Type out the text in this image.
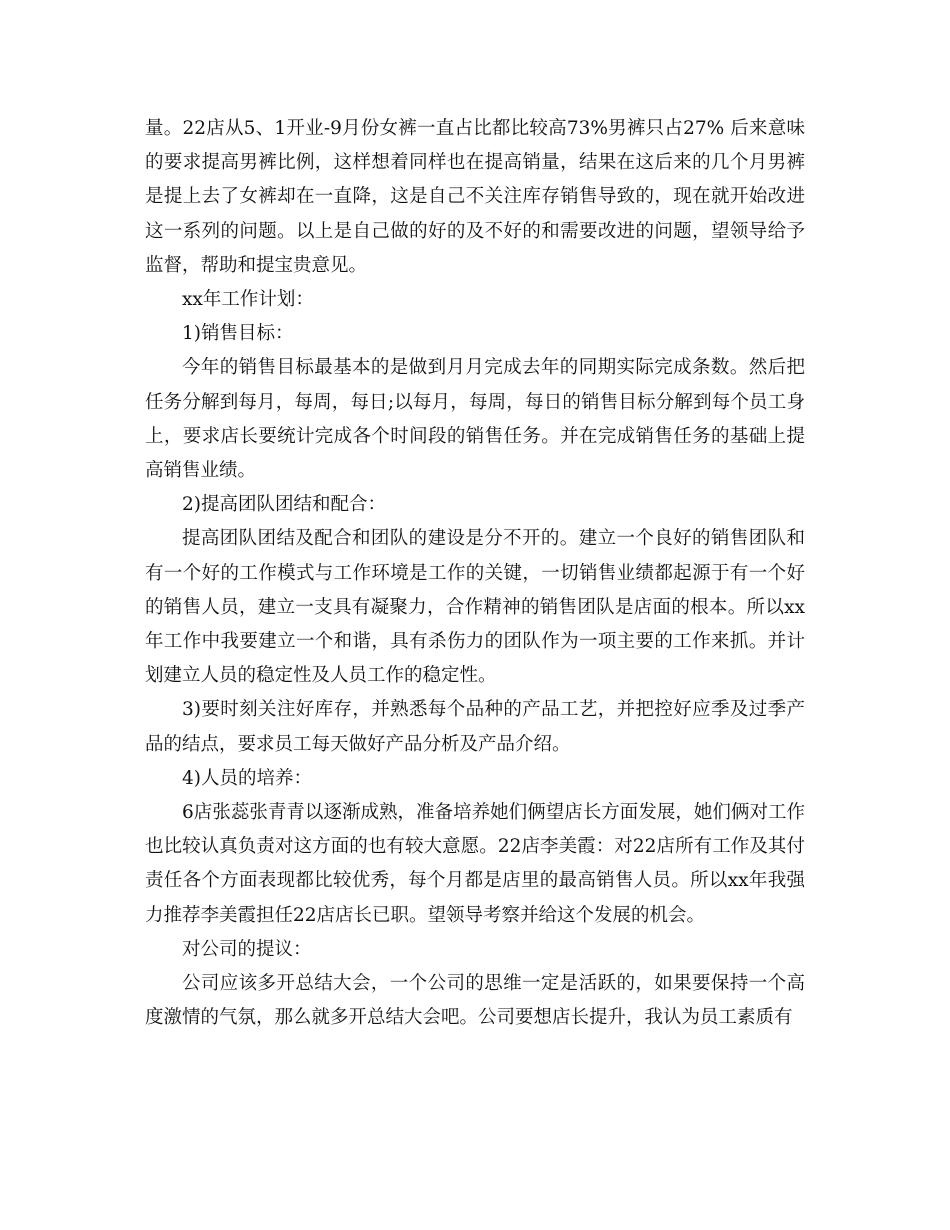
量。22店从5、1开业-9月份女裤一直占比都比较高73%男裤只占27% 后来意味的要求提高男裤比例，这样想着同样也在提高销量，结果在这后来的几个月男裤是提上去了女裤却在一直降，这是自己不关注库存销售导致的，现在就开始改进这一系列的问题。以上是自己做的好的及不好的和需要改进的问题，望领导给予监督，帮助和提宝贵意见。

xx年工作计划：

1)销售目标：

今年的销售目标最基本的是做到月月完成去年的同期实际完成条数。然后把任务分解到每月，每周，每日;以每月，每周，每日的销售目标分解到每个员工身上，要求店长要统计完成各个时间段的销售任务。并在完成销售任务的基础上提高销售业绩。

2)提高团队团结和配合：

提高团队团结及配合和团队的建设是分不开的。建立一个良好的销售团队和有一个好的工作模式与工作环境是工作的关键，一切销售业绩都起源于有一个好的销售人员，建立一支具有凝聚力，合作精神的销售团队是店面的根本。所以xx年工作中我要建立一个和谐，具有杀伤力的团队作为一项主要的工作来抓。并计划建立人员的稳定性及人员工作的稳定性。

3)要时刻关注好库存，并熟悉每个品种的产品工艺，并把控好应季及过季产品的结点，要求员工每天做好产品分析及产品介绍。

4)人员的培养：

6店张蕊张青青以逐渐成熟，准备培养她们俩望店长方面发展，她们俩对工作也比较认真负责对这方面的也有较大意愿。22店李美霞：对22店所有工作及其付责任各个方面表现都比较优秀，每个月都是店里的最高销售人员。所以xx年我强力推荐李美霞担任22店店长已职。望领导考察并给这个发展的机会。

对公司的提议：

公司应该多开总结大会，一个公司的思维一定是活跃的，如果要保持一个高度激情的气氛，那么就多开总结大会吧。公司要想店长提升，我认为员工素质有
